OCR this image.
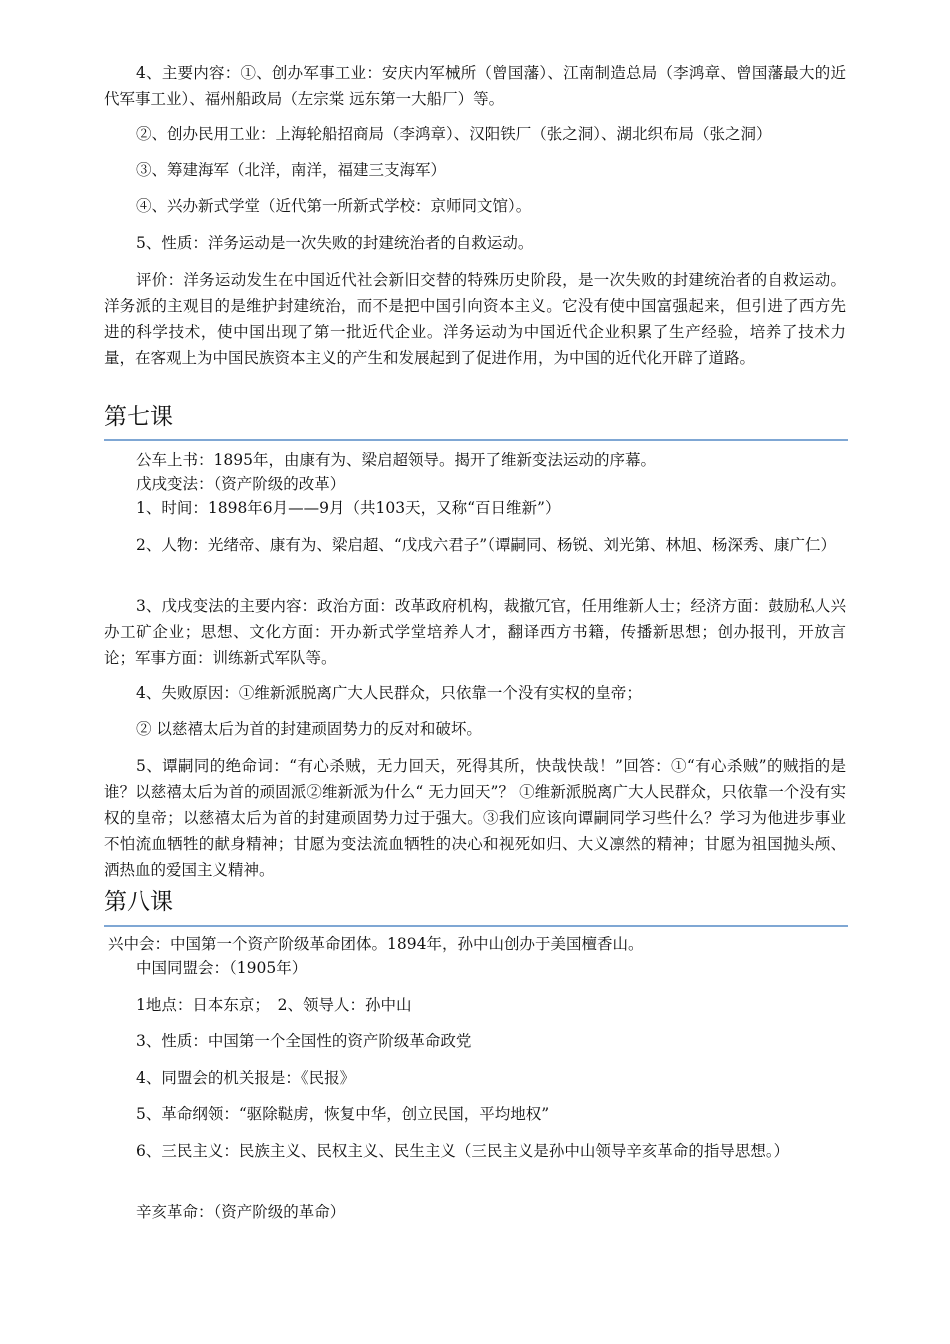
4、主要内容：①、创办军事工业：安庆内军械所（曾国藩）、江南制造总局（李鸿章、曾国藩最大的近代军事工业）、福州船政局（左宗棠 远东第一大船厂）等。

②、创办民用工业：上海轮船招商局（李鸿章）、汉阳铁厂（张之洞）、湖北织布局（张之洞）

③、筹建海军（北洋，南洋，福建三支海军）

④、兴办新式学堂（近代第一所新式学校：京师同文馆）。

5、性质：洋务运动是一次失败的封建统治者的自救运动。

评价：洋务运动发生在中国近代社会新旧交替的特殊历史阶段，是一次失败的封建统治者的自救运动。洋务派的主观目的是维护封建统治，而不是把中国引向资本主义。它没有使中国富强起来，但引进了西方先进的科学技术，使中国出现了第一批近代企业。洋务运动为中国近代企业积累了生产经验，培养了技术力量，在客观上为中国民族资本主义的产生和发展起到了促进作用，为中国的近代化开辟了道路。

第七课

公车上书：1895年，由康有为、梁启超领导。揭开了维新变法运动的序幕。

戊戌变法：（资产阶级的改革）

1、时间：1898年6月——9月（共103天，又称“百日维新”）

2、人物：光绪帝、康有为、梁启超、“戊戌六君子”（谭嗣同、杨锐、刘光第、林旭、杨深秀、康广仁）

3、戊戌变法的主要内容：政治方面：改革政府机构，裁撤冗官，任用维新人士；经济方面：鼓励私人兴办工矿企业；思想、文化方面：开办新式学堂培养人才，翻译西方书籍，传播新思想；创办报刊，开放言论；军事方面：训练新式军队等。

4、失败原因：①维新派脱离广大人民群众，只依靠一个没有实权的皇帝；

② 以慈禧太后为首的封建顽固势力的反对和破坏。

5、谭嗣同的绝命词：“有心杀贼，无力回天，死得其所，快哉快哉！”回答：①“有心杀贼”的贼指的是谁？以慈禧太后为首的顽固派②维新派为什么“ 无力回天”？ ①维新派脱离广大人民群众，只依靠一个没有实权的皇帝；以慈禧太后为首的封建顽固势力过于强大。③我们应该向谭嗣同学习些什么？学习为他进步事业不怕流血牺牲的献身精神；甘愿为变法流血牺牲的决心和视死如归、大义凛然的精神；甘愿为祖国抛头颅、洒热血的爱国主义精神。

第八课

兴中会：中国第一个资产阶级革命团体。1894年，孙中山创办于美国檀香山。

中国同盟会：（1905年）

1地点：日本东京；　2、领导人：孙中山

3、性质：中国第一个全国性的资产阶级革命政党

4、同盟会的机关报是：《民报》

5、革命纲领：“驱除鞑虏，恢复中华，创立民国，平均地权”

6、三民主义：民族主义、民权主义、民生主义（三民主义是孙中山领导辛亥革命的指导思想。）

辛亥革命：（资产阶级的革命）
